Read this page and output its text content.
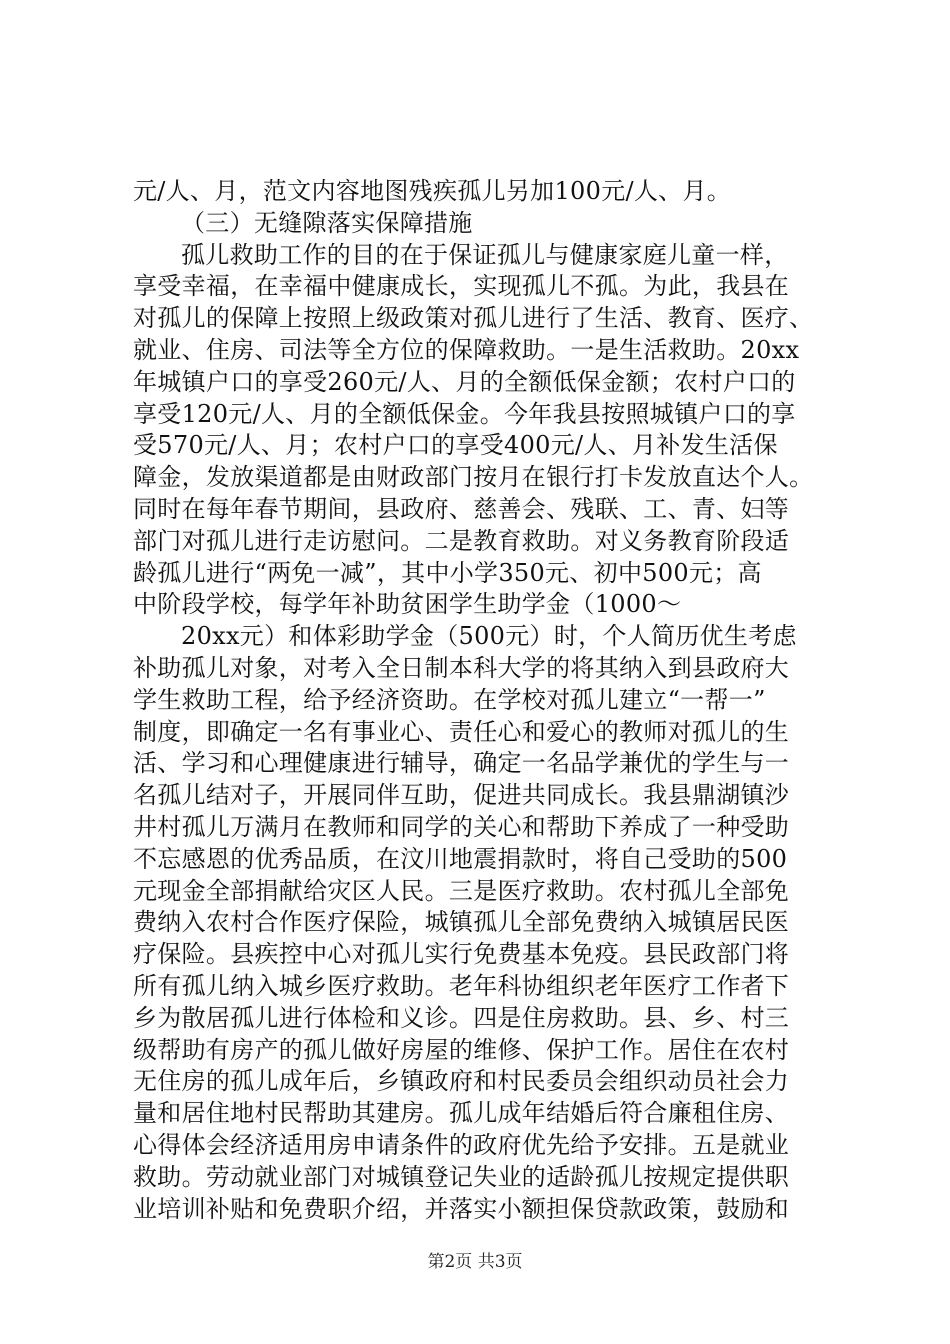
元/人、月，范文内容地图残疾孤儿另加100元/人、月。
（三）无缝隙落实保障措施
孤儿救助工作的目的在于保证孤儿与健康家庭儿童一样，
享受幸福，在幸福中健康成长，实现孤儿不孤。为此，我县在
对孤儿的保障上按照上级政策对孤儿进行了生活、教育、医疗、
就业、住房、司法等全方位的保障救助。一是生活救助。20xx
年城镇户口的享受260元/人、月的全额低保金额；农村户口的
享受120元/人、月的全额低保金。今年我县按照城镇户口的享
受570元/人、月；农村户口的享受400元/人、月补发生活保
障金，发放渠道都是由财政部门按月在银行打卡发放直达个人。
同时在每年春节期间，县政府、慈善会、残联、工、青、妇等
部门对孤儿进行走访慰问。二是教育救助。对义务教育阶段适
龄孤儿进行“两免一减”，其中小学350元、初中500元；高
中阶段学校，每学年补助贫困学生助学金（1000～
20xx元）和体彩助学金（500元）时，个人简历优生考虑
补助孤儿对象，对考入全日制本科大学的将其纳入到县政府大
学生救助工程，给予经济资助。在学校对孤儿建立“一帮一”
制度，即确定一名有事业心、责任心和爱心的教师对孤儿的生
活、学习和心理健康进行辅导，确定一名品学兼优的学生与一
名孤儿结对子，开展同伴互助，促进共同成长。我县鼎湖镇沙
井村孤儿万满月在教师和同学的关心和帮助下养成了一种受助
不忘感恩的优秀品质，在汶川地震捐款时，将自己受助的500
元现金全部捐献给灾区人民。三是医疗救助。农村孤儿全部免
费纳入农村合作医疗保险，城镇孤儿全部免费纳入城镇居民医
疗保险。县疾控中心对孤儿实行免费基本免疫。县民政部门将
所有孤儿纳入城乡医疗救助。老年科协组织老年医疗工作者下
乡为散居孤儿进行体检和义诊。四是住房救助。县、乡、村三
级帮助有房产的孤儿做好房屋的维修、保护工作。居住在农村
无住房的孤儿成年后，乡镇政府和村民委员会组织动员社会力
量和居住地村民帮助其建房。孤儿成年结婚后符合廉租住房、
心得体会经济适用房申请条件的政府优先给予安排。五是就业
救助。劳动就业部门对城镇登记失业的适龄孤儿按规定提供职
业培训补贴和免费职介绍，并落实小额担保贷款政策，鼓励和
第2页 共3页
